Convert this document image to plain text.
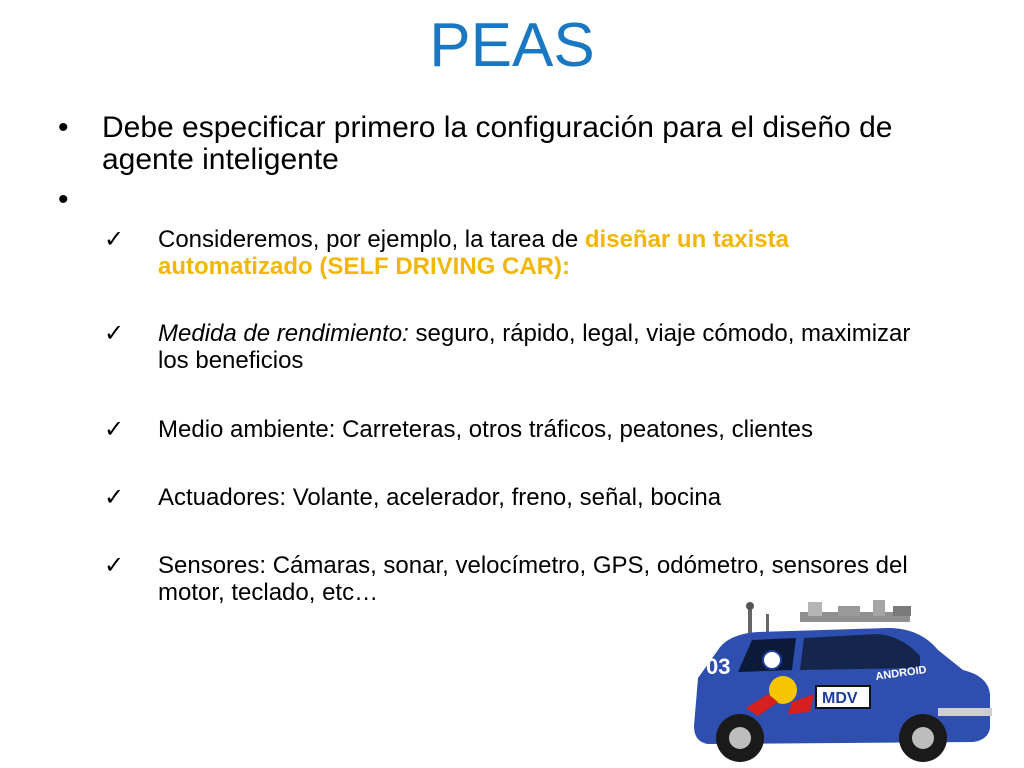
PEAS
•	Debe especificar primero la configuración para el diseño de agente inteligente
•
✓	Consideremos, por ejemplo, la tarea de diseñar un taxista automatizado (SELF DRIVING CAR):
✓	Medida de rendimiento: seguro, rápido, legal, viaje cómodo, maximizar los beneficios
✓	Medio ambiente: Carreteras, otros tráficos, peatones, clientes
✓	Actuadores: Volante, acelerador, freno, señal, bocina
✓	Sensores: Cámaras, sonar, velocímetro, GPS, odómetro, sensores del motor, teclado, etc…
03
MDV
ANDROID
